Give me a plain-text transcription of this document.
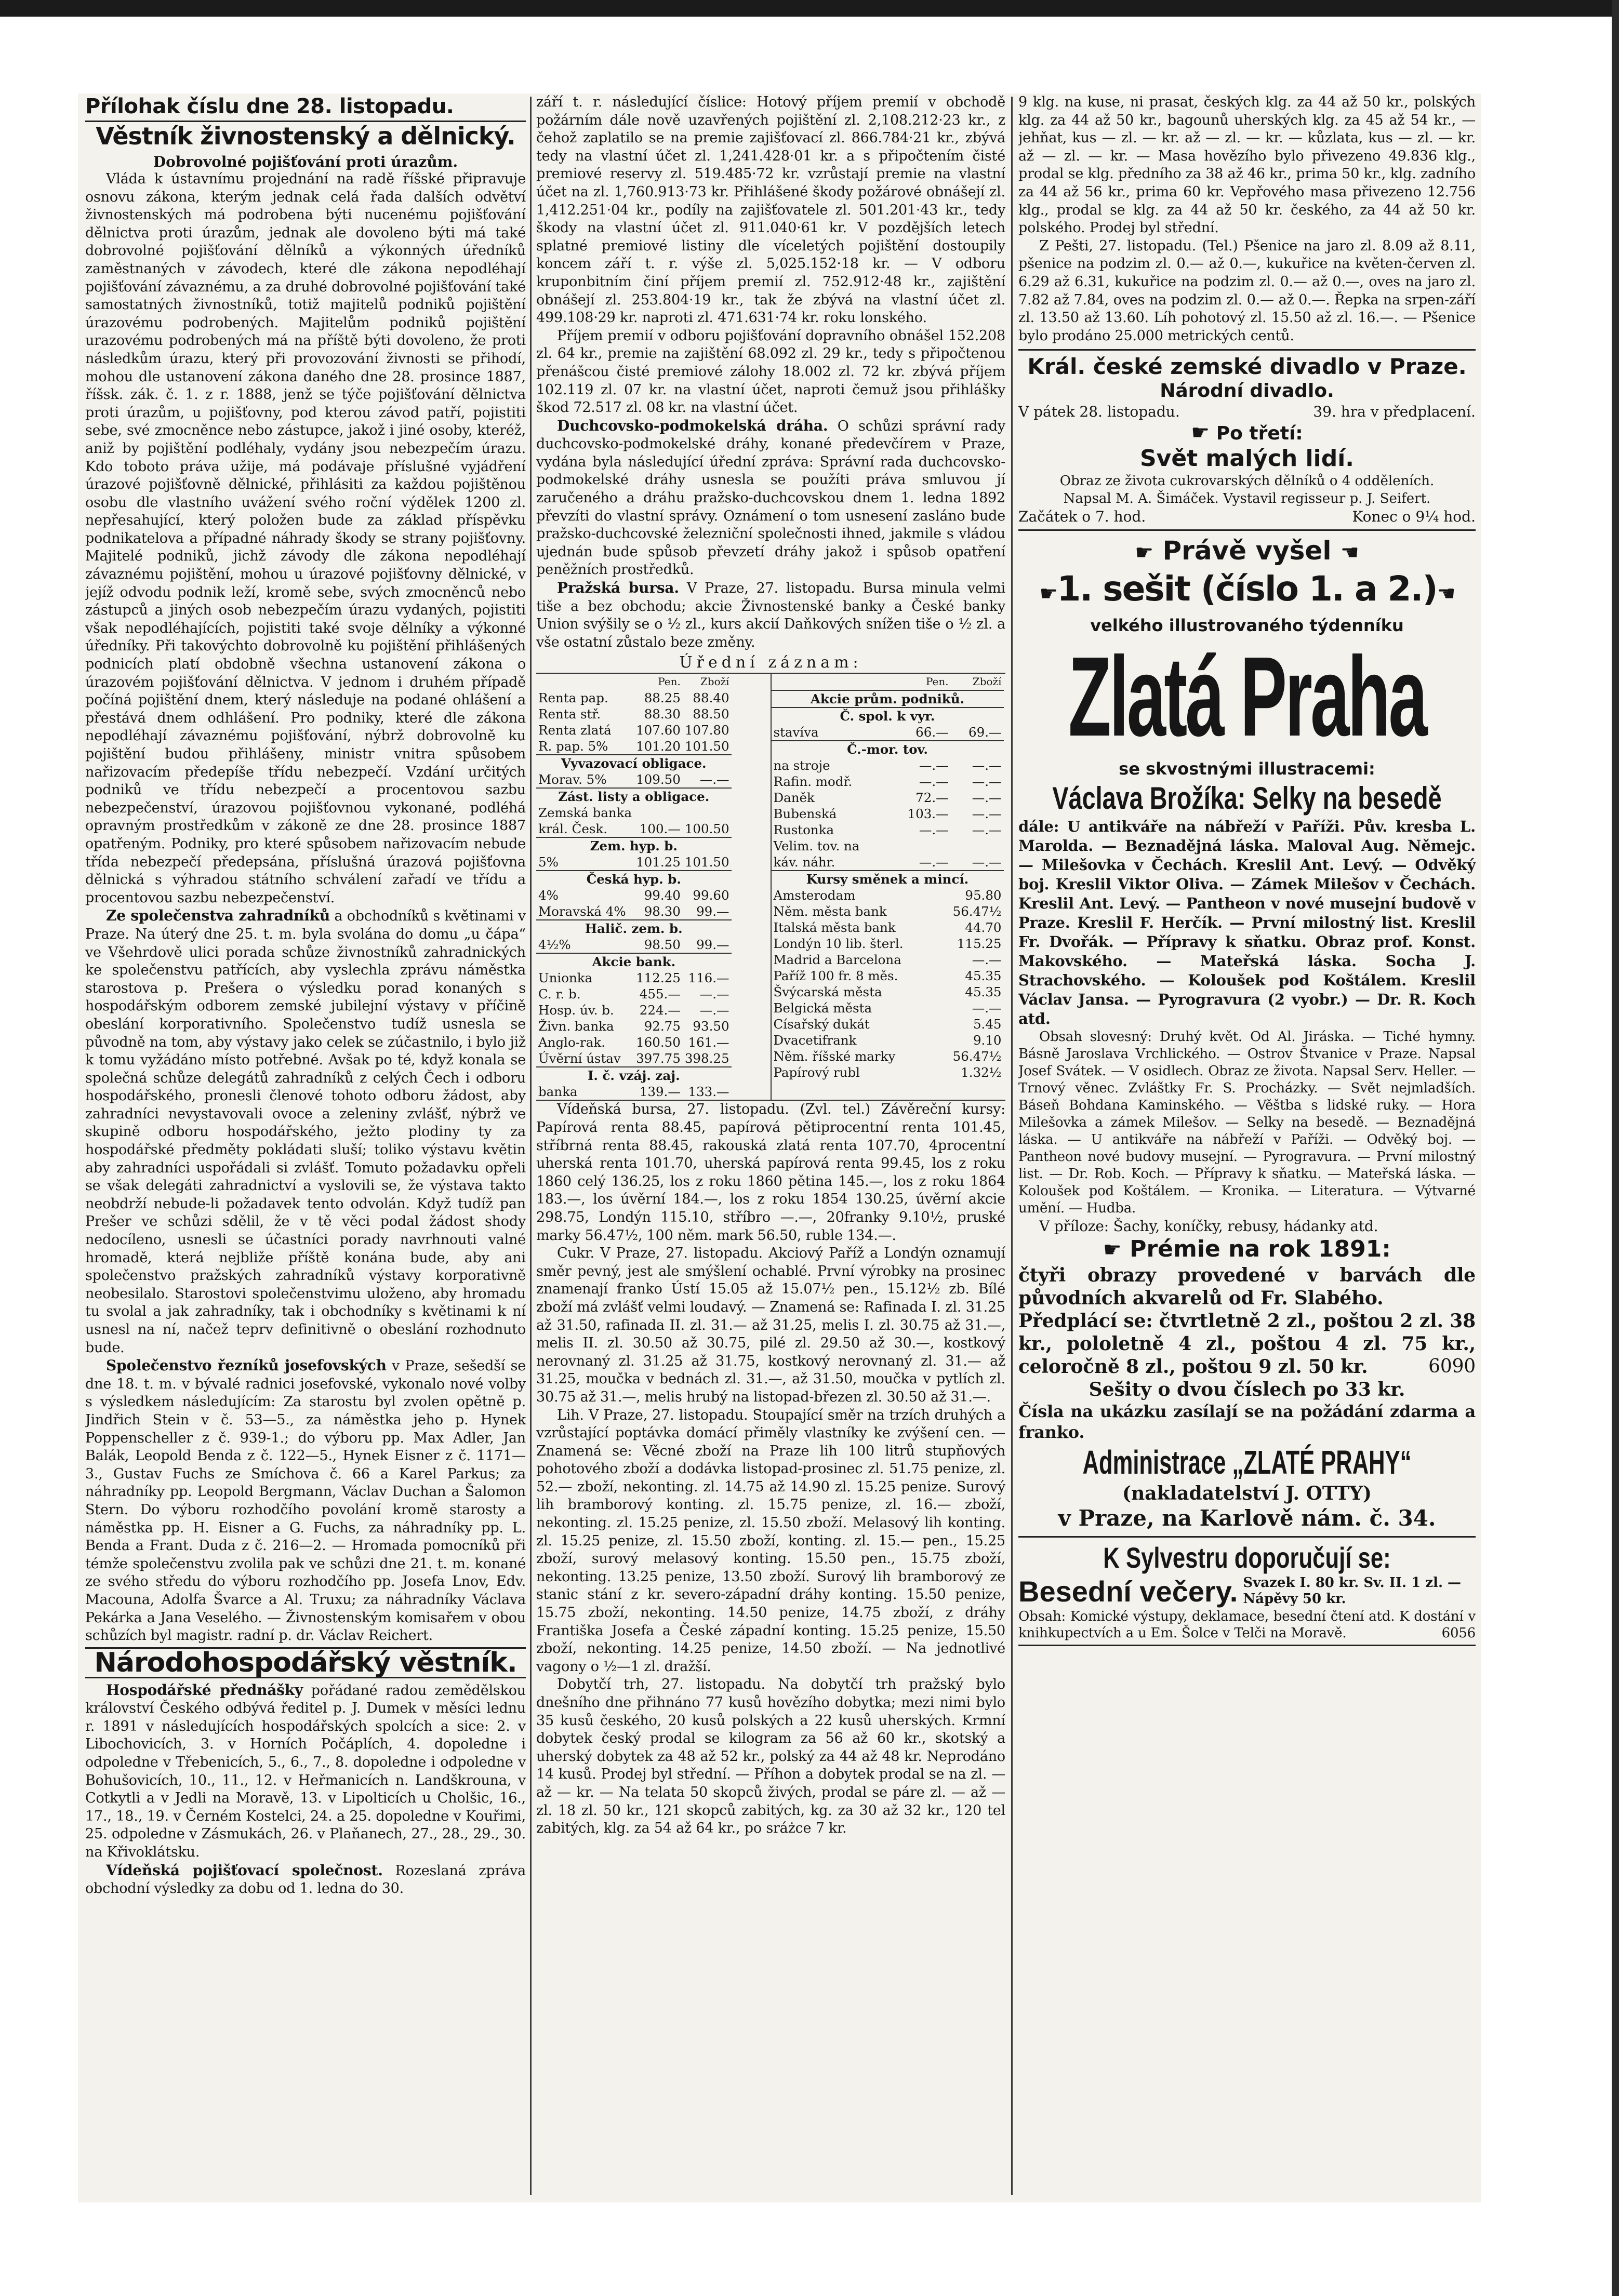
Přílohak číslu dne 28. listopadu.
Věstník živnostenský a dělnický.
Dobrovolné pojišťování proti úrazům.

Vláda k ústavnímu projednání na radě říšské připravuje osnovu zákona, kterým jednak celá řada dalších odvětví živnostenských má podrobena býti nucenému pojišťování dělnictva proti úrazům, jednak ale dovoleno býti má také dobrovolné pojišťování dělníků a výkonných úředníků zaměstnaných v závodech, které dle zákona nepodléhají pojišťování závaznému, a za druhé dobrovolné pojišťování také samostatných živnostníků, totiž majitelů podniků pojištění úrazovému podrobených. Majitelům podniků pojištění urazovému podrobených má na příště býti dovoleno, že proti následkům úrazu, který při provozování živnosti se přihodí, mohou dle ustanovení zákona daného dne 28. prosince 1887, říšsk. zák. č. 1. z r. 1888, jenž se týče pojišťování dělnictva proti úrazům, u pojišťovny, pod kterou závod patří, pojistiti sebe, své zmocněnce nebo zástupce, jakož i jiné osoby, kteréž, aniž by pojištění podléhaly, vydány jsou nebezpečím úrazu. Kdo toboto práva užije, má podávaje příslušné vyjádření úrazové pojišťovně dělnické, přihlásiti za každou pojištěnou osobu dle vlastního uvážení svého roční výdělek 1200 zl. nepřesahující, který položen bude za základ příspěvku podnikatelova a případné náhrady škody se strany pojišťovny. Majitelé podniků, jichž závody dle zákona nepodléhají závaznému pojištění, mohou u úrazové pojišťovny dělnické, v jejíž odvodu podnik leží, kromě sebe, svých zmocněnců nebo zástupců a jiných osob nebezpečím úrazu vydaných, pojistiti však nepodléhajících, pojistiti také svoje dělníky a výkonné úředníky. Při takovýchto dobrovolně ku pojištění přihlášených podnicích platí obdobně všechna ustanovení zákona o úrazovém pojišťování dělnictva. V jednom i druhém případě počíná pojištění dnem, který následuje na podané ohlášení a přestává dnem odhlášení. Pro podniky, které dle zákona nepodléhají závaznému pojišťování, nýbrž dobrovolně ku pojištění budou přihlášeny, ministr vnitra spůsobem nařizovacím předepíše třídu nebezpečí. Vzdání určitých podniků ve třídu nebezpečí a procentovou sazbu nebezpečenství, úrazovou pojišťovnou vykonané, podléhá opravným prostředkům v zákoně ze dne 28. prosince 1887 opatřeným. Podniky, pro které spůsobem nařizovacím nebude třída nebezpečí předepsána, příslušná úrazová pojišťovna dělnická s výhradou státního schválení zařadí ve třídu a procentovou sazbu nebezpečenství.

Ze společenstva zahradníků a obchodníků s květinami v Praze. Na úterý dne 25. t. m. byla svolána do domu „u čápa“ ve Všehrdově ulici porada schůze živnostníků zahradnických ke společenstvu patřících, aby vyslechla zprávu náměstka starostova p. Prešera o výsledku porad konaných s hospodářským odborem zemské jubilejní výstavy v příčině obeslání korporativního. Společenstvo tudíž usnesla se původně na tom, aby výstavy jako celek se zúčastnilo, i bylo již k tomu vyžádáno místo potřebné. Avšak po té, když konala se společná schůze delegátů zahradníků z celých Čech i odboru hospodářského, pronesli členové tohoto odboru žádost, aby zahradníci nevystavovali ovoce a zeleniny zvlášť, nýbrž ve skupině odboru hospodářského, ježto plodiny ty za hospodářské předměty pokládati sluší; toliko výstavu květin aby zahradníci uspořádali si zvlášť. Tomuto požadavku opřeli se však delegáti zahradnictví a vyslovili se, že výstava takto neobdrží nebude-li požadavek tento odvolán. Když tudíž pan Prešer ve schůzi sdělil, že v tě věci podal žádost shody nedocíleno, usnesli se účastníci porady navrhnouti valné hromadě, která nejbliže příště konána bude, aby ani společenstvo pražských zahradníků výstavy korporativně neobesilalo. Starostovi společenstvimu uloženo, aby hromadu tu svolal a jak zahradníky, tak i obchodníky s květinami k ní usnesl na ní, načež teprv definitivně o obeslání rozhodnuto bude.

Společenstvo řezníků josefovských v Praze, sešedší se dne 18. t. m. v bývalé radnici josefovské, vykonalo nové volby s výsledkem následujícím: Za starostu byl zvolen opětně p. Jindřich Stein v č. 53—5., za náměstka jeho p. Hynek Poppenscheller z č. 939-1.; do výboru pp. Max Adler, Jan Balák, Leopold Benda z č. 122—5., Hynek Eisner z č. 1171—3., Gustav Fuchs ze Smíchova č. 66 a Karel Parkus; za náhradníky pp. Leopold Bergmann, Václav Duchan a Šalomon Stern. Do výboru rozhodčího povolání kromě starosty a náměstka pp. H. Eisner a G. Fuchs, za náhradníky pp. L. Benda a Frant. Duda z č. 216—2. — Hromada pomocníků při témže společenstvu zvolila pak ve schůzi dne 21. t. m. konané ze svého středu do výboru rozhodčího pp. Josefa Lnov, Edv. Macouna, Adolfa Švarce a Al. Truxu; za náhradníky Václava Pekárka a Jana Veselého. — Živnostenským komisařem v obou schůzích byl magistr. radní p. dr. Václav Reichert.

Národohospodářský věstník.

Hospodářské přednášky pořádané radou zemědělskou království Českého odbývá ředitel p. J. Dumek v měsíci lednu r. 1891 v následujících hospodářských spolcích a sice: 2. v Libochovicích, 3. v Horních Počáplích, 4. dopoledne i odpoledne v Třebenicích, 5., 6., 7., 8. dopoledne i odpoledne v Bohušovicích, 10., 11., 12. v Heřmanicích n. Landškrouna, v Cotkytli a v Jedli na Moravě, 13. v Lipolticích u Cholšic, 16., 17., 18., 19. v Černém Kostelci, 24. a 25. dopoledne v Kouřimi, 25. odpoledne v Zásmukách, 26. v Plaňanech, 27., 28., 29., 30. na Křivoklátsku.

Vídeňská pojišťovací společnost. Rozeslaná zpráva obchodní výsledky za dobu od 1. ledna do 30.

září t. r. následující číslice: Hotový příjem premií v obchodě požárním dále nově uzavřených pojištění zl. 2,108.212·23 kr., z čehož zaplatilo se na premie zajišťovací zl. 866.784·21 kr., zbývá tedy na vlastní účet zl. 1,241.428·01 kr. a s připočtením čisté premiové reservy zl. 519.485·72 kr. vzrůstají premie na vlastní účet na zl. 1,760.913·73 kr. Přihlášené škody požárové obnášejí zl. 1,412.251·04 kr., podíly na zajišťovatele zl. 501.201·43 kr., tedy škody na vlastní účet zl. 911.040·61 kr. V pozdějších letech splatné premiové listiny dle víceletých pojištění dostoupily koncem září t. r. výše zl. 5,025.152·18 kr. — V odboru kruponbitním činí příjem premií zl. 752.912·48 kr., zajištění obnášejí zl. 253.804·19 kr., tak že zbývá na vlastní účet zl. 499.108·29 kr. naproti zl. 471.631·74 kr. roku lonského.

Příjem premií v odboru pojišťování dopravního obnášel 152.208 zl. 64 kr., premie na zajištění 68.092 zl. 29 kr., tedy s připočtenou přenášcou čisté premiové zálohy 18.002 zl. 72 kr. zbývá příjem 102.119 zl. 07 kr. na vlastní účet, naproti čemuž jsou přihlášky škod 72.517 zl. 08 kr. na vlastní účet.

Duchcovsko-podmokelská dráha. O schůzi správní rady duchcovsko-podmokelské dráhy, konané předevčírem v Praze, vydána byla následující úřední zpráva: Správní rada duchcovsko-podmokelské dráhy usnesla se použíti práva smluvou jí zaručeného a dráhu pražsko-duchcovskou dnem 1. ledna 1892 převzíti do vlastní správy. Oznámení o tom usnesení zasláno bude pražsko-duchcovské železniční společnosti ihned, jakmile s vládou ujednán bude spůsob převzetí dráhy jakož i spůsob opatření peněžních prostředků.

Pražská bursa. V Praze, 27. listopadu. Bursa minula velmi tiše a bez obchodu; akcie Živnostenské banky a České banky Union svýšily se o ½ zl., kurs akcií Daňkových snížen tiše o ½ zl. a vše ostatní zůstalo beze změny.

Úřední záznam:
	Pen.	Zboží
Renta pap.	88.25	88.40
Renta stř.	88.30	88.50
Renta zlatá	107.60	107.80
R. pap. 5%	101.20	101.50
Vyvazovací obligace.		
Morav. 5%	109.50	—.—
Zást. listy a obligace.		
Zemská banka		
král. Česk.	100.—	100.50
Zem. hyp. b.		
5%	101.25	101.50
Česká hyp. b.		
4%	99.40	99.60
Moravská 4%	98.30	99.—
Halič. zem. b.		
4½%	98.50	99.—
Akcie bank.		
Unionka	112.25	116.—
C. r. b.	455.—	—.—
Hosp. úv. b.	224.—	—.—
Živn. banka	92.75	93.50
Anglo-rak.	160.50	161.—
Úvěrní ústav	397.75	398.25
I. č. vzáj. zaj.		
banka	139.—	133.—
	Pen.	Zboží
Akcie prům. podniků.		
Č. spol. k vyr.		
stavíva	66.—	69.—
Č.-mor. tov.		
na stroje	—.—	—.—
Rafin. modř.	—.—	—.—
Daněk	72.—	—.—
Bubenská	103.—	—.—
Rustonka	—.—	—.—
Velim. tov. na		
káv. náhr.	—.—	—.—
Kursy směnek a mincí.		
Amsterodam		95.80
Něm. města bank		56.47½
Italská města bank		44.70
Londýn 10 lib. šterl.		115.25
Madrid a Barcelona		—.—
Paříž 100 fr. 8 měs.		45.35
Švýcarská města		45.35
Belgická města		—.—
Císařský dukát		5.45
Dvacetifrank		9.10
Něm. říšské marky		56.47½
Papírový rubl		1.32½

Vídeňská bursa, 27. listopadu. (Zvl. tel.) Závěreční kursy: Papírová renta 88.45, papírová pětiprocentní renta 101.45, stříbrná renta 88.45, rakouská zlatá renta 107.70, 4procentní uherská renta 101.70, uherská papírová renta 99.45, los z roku 1860 celý 136.25, los z roku 1860 pětina 145.—, los z roku 1864 183.—, los úvěrní 184.—, los z roku 1854 130.25, úvěrní akcie 298.75, Londýn 115.10, stříbro —.—, 20franky 9.10½, pruské marky 56.47½, 100 něm. mark 56.50, ruble 134.—.

Cukr. V Praze, 27. listopadu. Akciový Paříž a Londýn oznamují směr pevný, jest ale smýšlení ochablé. První výrobky na prosinec znamenají franko Ústí 15.05 až 15.07½ pen., 15.12½ zb. Bílé zboží má zvlášť velmi loudavý. — Znamená se: Rafinada I. zl. 31.25 až 31.50, rafinada II. zl. 31.— až 31.25, melis I. zl. 30.75 až 31.—, melis II. zl. 30.50 až 30.75, pilé zl. 29.50 až 30.—, kostkový nerovnaný zl. 31.25 až 31.75, kostkový nerovnaný zl. 31.— až 31.25, moučka v bednách zl. 31.—, až 31.50, moučka v pytlích zl. 30.75 až 31.—, melis hrubý na listopad-březen zl. 30.50 až 31.—.

Lih. V Praze, 27. listopadu. Stoupající směr na trzích druhých a vzrůstající poptávka domácí přiměly vlastníky ke zvýšení cen. — Znamená se: Věcné zboží na Praze lih 100 litrů stupňových pohotového zboží a dodávka listopad-prosinec zl. 51.75 penize, zl. 52.— zboží, nekonting. zl. 14.75 až 14.90 zl. 15.25 penize. Surový lih bramborový konting. zl. 15.75 penize, zl. 16.— zboží, nekonting. zl. 15.25 penize, zl. 15.50 zboží. Melasový lih konting. zl. 15.25 penize, zl. 15.50 zboží, konting. zl. 15.— pen., 15.25 zboží, surový melasový konting. 15.50 pen., 15.75 zboží, nekonting. 13.25 penize, 13.50 zboží. Surový lih bramborový ze stanic stání z kr. severo-západní dráhy konting. 15.50 penize, 15.75 zboží, nekonting. 14.50 penize, 14.75 zboží, z dráhy Františka Josefa a České západní konting. 15.25 penize, 15.50 zboží, nekonting. 14.25 penize, 14.50 zboží. — Na jednotlivé vagony o ½—1 zl. dražší.

Dobytčí trh, 27. listopadu. Na dobytčí trh pražský bylo dnešního dne přihnáno 77 kusů hovězího dobytka; mezi nimi bylo 35 kusů českého, 20 kusů polských a 22 kusů uherských. Krmní dobytek český prodal se kilogram za 56 až 60 kr., skotský a uherský dobytek za 48 až 52 kr., polský za 44 až 48 kr. Neprodáno 14 kusů. Prodej byl střední. — Příhon a dobytek prodal se na zl. — až — kr. — Na telata 50 skopců živých, prodal se páre zl. — až — zl. 18 zl. 50 kr., 121 skopců zabitých, kg. za 30 až 32 kr., 120 tel zabitých, klg. za 54 až 64 kr., po sráżce 7 kr.

9 klg. na kuse, ni prasat, českých klg. za 44 až 50 kr., polských klg. za 44 až 50 kr., bagounů uherských klg. za 45 až 54 kr., — jehňat, kus — zl. — kr. až — zl. — kr. — kůzlata, kus — zl. — kr. až — zl. — kr. — Masa hovězího bylo přivezeno 49.836 klg., prodal se klg. předního za 38 až 46 kr., prima 50 kr., klg. zadního za 44 až 56 kr., prima 60 kr. Vepřového masa přivezeno 12.756 klg., prodal se klg. za 44 až 50 kr. českého, za 44 až 50 kr. polského. Prodej byl střední.

Z Pešti, 27. listopadu. (Tel.) Pšenice na jaro zl. 8.09 až 8.11, pšenice na podzim zl. 0.— až 0.—, kukuřice na květen-červen zl. 6.29 až 6.31, kukuřice na podzim zl. 0.— až 0.—, oves na jaro zl. 7.82 až 7.84, oves na podzim zl. 0.— až 0.—. Řepka na srpen-září zl. 13.50 až 13.60. Líh pohotový zl. 15.50 až zl. 16.—. — Pšenice bylo prodáno 25.000 metrických centů.

Král. české zemské divadlo v Praze.
Národní divadlo.
V pátek 28. listopadu.	39. hra v předplacení.
☛ Po třetí:
Svět malých lidí.
Obraz ze života cukrovarských dělníků o 4 odděleních.
Napsal M. A. Šimáček. Vystavil regisseur p. J. Seifert.
Začátek o 7. hod.	Konec o 9¼ hod.
☛ Právě vyšel ☚
☛1. sešit (číslo 1. a 2.)☚
velkého illustrovaného týdenníku
Zlatá Praha
se skvostnými illustracemi:
Václava Brožíka: Selky na besedě

dále: U antikváře na nábřeží v Paříži. Pův. kresba L. Marolda. — Beznadějná láska. Maloval Aug. Němejc. — Milešovka v Čechách. Kreslil Ant. Levý. — Odvěký boj. Kreslil Viktor Oliva. — Zámek Milešov v Čechách. Kreslil Ant. Levý. — Pantheon v nové musejní budově v Praze. Kreslil F. Herčík. — První milostný list. Kreslil Fr. Dvořák. — Přípravy k sňatku. Obraz prof. Konst. Makovského. — Mateřská láska. Socha J. Strachovského. — Koloušek pod Koštálem. Kreslil Václav Jansa. — Pyrogravura (2 vyobr.) — Dr. R. Koch atd.

Obsah slovesný: Druhý květ. Od Al. Jiráska. — Tiché hymny. Básně Jaroslava Vrchlického. — Ostrov Štvanice v Praze. Napsal Josef Svátek. — V osidlech. Obraz ze života. Napsal Serv. Heller. — Trnový věnec. Zvláštky Fr. S. Procházky. — Svět nejmladších. Báseň Bohdana Kaminského. — Věštba s lidské ruky. — Hora Milešovka a zámek Milešov. — Selky na besedě. — Beznadějná láska. — U antikváře na nábřeží v Paříži. — Odvěký boj. — Pantheon nové budovy musejní. — Pyrogravura. — První milostný list. — Dr. Rob. Koch. — Přípravy k sňatku. — Mateřská láska. — Koloušek pod Koštálem. — Kronika. — Literatura. — Výtvarné umění. — Hudba.

V příloze: Šachy, koníčky, rebusy, hádanky atd.

☛ Prémie na rok 1891:

čtyři obrazy provedené v barvách dle původních akvarelů od Fr. Slabého.

Předplácí se: čtvrtletně 2 zl., poštou 2 zl. 38 kr., pololetně 4 zl., poštou 4 zl. 75 kr., celoročně 8 zl., poštou 9 zl. 50 kr.	6090

Sešity o dvou číslech po 33 kr.

Čísla na ukázku zasílají se na požádání zdarma a franko.

Administrace „ZLATÉ PRAHY“
(nakladatelství J. OTTY)
v Praze, na Karlově nám. č. 34.
K Sylvestru doporučují se:
Besední večery. Svazek I. 80 kr. Sv. II. 1 zl. — Nápěvy 50 kr.

Obsah: Komické výstupy, deklamace, besední čtení atd. K dostání v knihkupectvích a u Em. Šolce v Telči na Moravě.	6056
